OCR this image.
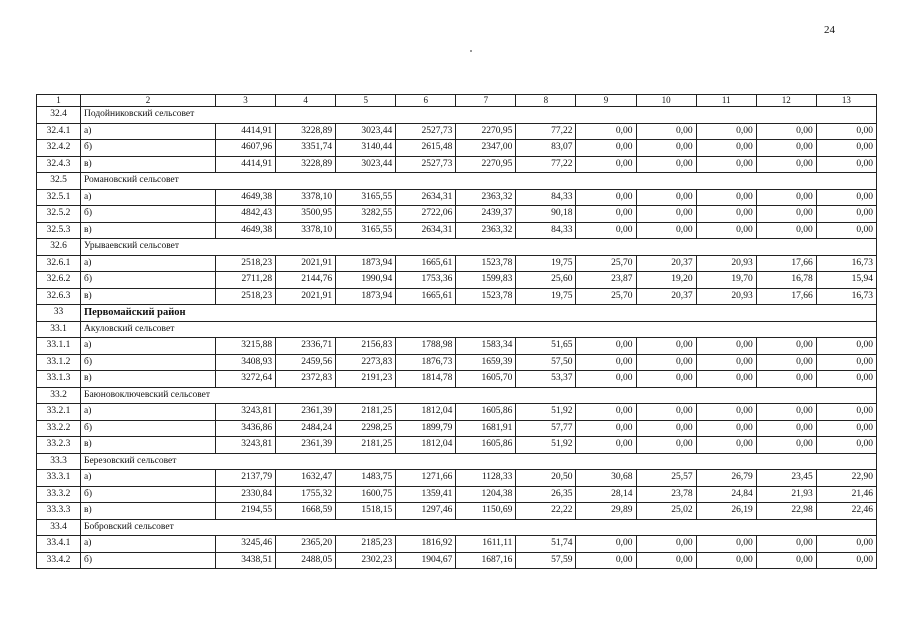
24
1	2	3	4	5	6	7	8	9	10	11	12	13
32.4	Подойниковский сельсовет											
32.4.1	а)	4414,91	3228,89	3023,44	2527,73	2270,95	77,22	0,00	0,00	0,00	0,00	0,00
32.4.2	б)	4607,96	3351,74	3140,44	2615,48	2347,00	83,07	0,00	0,00	0,00	0,00	0,00
32.4.3	в)	4414,91	3228,89	3023,44	2527,73	2270,95	77,22	0,00	0,00	0,00	0,00	0,00
32.5	Романовский сельсовет											
32.5.1	а)	4649,38	3378,10	3165,55	2634,31	2363,32	84,33	0,00	0,00	0,00	0,00	0,00
32.5.2	б)	4842,43	3500,95	3282,55	2722,06	2439,37	90,18	0,00	0,00	0,00	0,00	0,00
32.5.3	в)	4649,38	3378,10	3165,55	2634,31	2363,32	84,33	0,00	0,00	0,00	0,00	0,00
32.6	Урываевский сельсовет											
32.6.1	а)	2518,23	2021,91	1873,94	1665,61	1523,78	19,75	25,70	20,37	20,93	17,66	16,73
32.6.2	б)	2711,28	2144,76	1990,94	1753,36	1599,83	25,60	23,87	19,20	19,70	16,78	15,94
32.6.3	в)	2518,23	2021,91	1873,94	1665,61	1523,78	19,75	25,70	20,37	20,93	17,66	16,73
33	Первомайский район											
33.1	Акуловский сельсовет											
33.1.1	а)	3215,88	2336,71	2156,83	1788,98	1583,34	51,65	0,00	0,00	0,00	0,00	0,00
33.1.2	б)	3408,93	2459,56	2273,83	1876,73	1659,39	57,50	0,00	0,00	0,00	0,00	0,00
33.1.3	в)	3272,64	2372,83	2191,23	1814,78	1605,70	53,37	0,00	0,00	0,00	0,00	0,00
33.2	Баюновоключевский сельсовет											
33.2.1	а)	3243,81	2361,39	2181,25	1812,04	1605,86	51,92	0,00	0,00	0,00	0,00	0,00
33.2.2	б)	3436,86	2484,24	2298,25	1899,79	1681,91	57,77	0,00	0,00	0,00	0,00	0,00
33.2.3	в)	3243,81	2361,39	2181,25	1812,04	1605,86	51,92	0,00	0,00	0,00	0,00	0,00
33.3	Березовский сельсовет											
33.3.1	а)	2137,79	1632,47	1483,75	1271,66	1128,33	20,50	30,68	25,57	26,79	23,45	22,90
33.3.2	б)	2330,84	1755,32	1600,75	1359,41	1204,38	26,35	28,14	23,78	24,84	21,93	21,46
33.3.3	в)	2194,55	1668,59	1518,15	1297,46	1150,69	22,22	29,89	25,02	26,19	22,98	22,46
33.4	Бобровский сельсовет											
33.4.1	а)	3245,46	2365,20	2185,23	1816,92	1611,11	51,74	0,00	0,00	0,00	0,00	0,00
33.4.2	б)	3438,51	2488,05	2302,23	1904,67	1687,16	57,59	0,00	0,00	0,00	0,00	0,00
